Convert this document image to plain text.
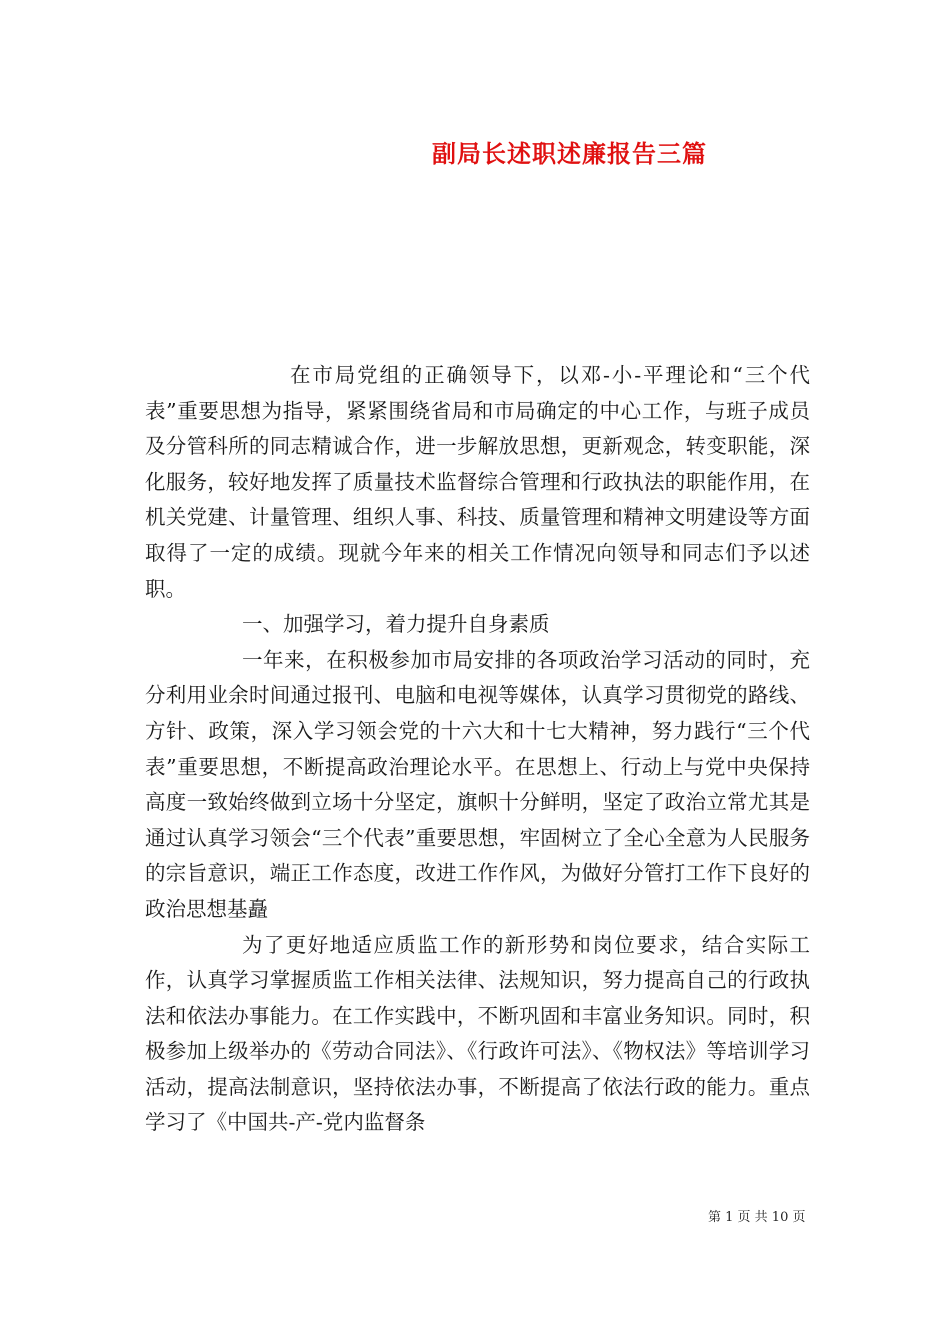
副局长述职述廉报告三篇

在市局党组的正确领导下，以邓-小-平理论和“三个代表”重要思想为指导，紧紧围绕省局和市局确定的中心工作，与班子成员及分管科所的同志精诚合作，进一步解放思想，更新观念，转变职能，深化服务，较好地发挥了质量技术监督综合管理和行政执法的职能作用，在机关党建、计量管理、组织人事、科技、质量管理和精神文明建设等方面取得了一定的成绩。现就今年来的相关工作情况向领导和同志们予以述职。

一、加强学习，着力提升自身素质

一年来，在积极参加市局安排的各项政治学习活动的同时，充分利用业余时间通过报刊、电脑和电视等媒体，认真学习贯彻党的路线、方针、政策，深入学习领会党的十六大和十七大精神，努力践行“三个代表”重要思想，不断提高政治理论水平。在思想上、行动上与党中央保持高度一致始终做到立场十分坚定，旗帜十分鲜明，坚定了政治立常尤其是通过认真学习领会“三个代表”重要思想，牢固树立了全心全意为人民服务的宗旨意识，端正工作态度，改进工作作风，为做好分管打工作下良好的政治思想基矗

为了更好地适应质监工作的新形势和岗位要求，结合实际工作，认真学习掌握质监工作相关法律、法规知识，努力提高自己的行政执法和依法办事能力。在工作实践中，不断巩固和丰富业务知识。同时，积极参加上级举办的《劳动合同法》、《行政许可法》、《物权法》等培训学习活动，提高法制意识，坚持依法办事，不断提高了依法行政的能力。重点学习了《中国共-产-党内监督条

第 1 页 共 10 页
